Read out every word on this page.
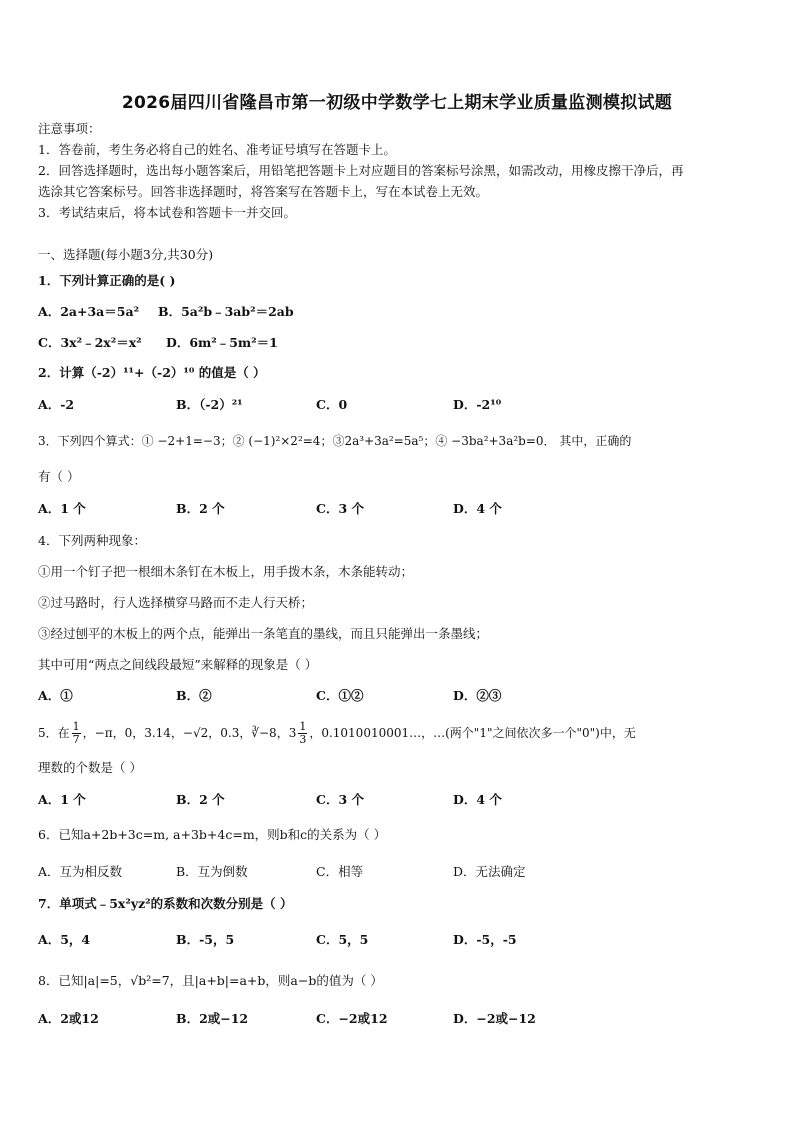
2026届四川省隆昌市第一初级中学数学七上期末学业质量监测模拟试题
注意事项：
1．答卷前，考生务必将自己的姓名、准考证号填写在答题卡上。
2．回答选择题时，选出每小题答案后，用铅笔把答题卡上对应题目的答案标号涂黑，如需改动，用橡皮擦干净后，再
选涂其它答案标号。回答非选择题时，将答案写在答题卡上，写在本试卷上无效。
3．考试结束后，将本试卷和答题卡一并交回。
一、选择题(每小题3分,共30分)
1．下列计算正确的是( )
A．2a+3a＝5a² B．5a²b﹣3ab²＝2ab
C．3x²﹣2x²＝x² D．6m²﹣5m²＝1
2．计算（-2）¹¹+（-2）¹⁰ 的值是（ ）
A．-2	B．（-2）²¹	C．0	D．-2¹⁰
3．下列四个算式：① −2+1=−3；② (−1)²×2²=4；③2a³+3a²=5a⁵；④ −3ba²+3a²b=0． 其中，正确的
有（ ）
A．1 个	B．2 个	C．3 个	D．4 个
4．下列两种现象：
①用一个钉子把一根细木条钉在木板上，用手拨木条，木条能转动；
②过马路时，行人选择横穿马路而不走人行天桥；
③经过刨平的木板上的两个点，能弹出一条笔直的墨线，而且只能弹出一条墨线；
其中可用“两点之间线段最短”来解释的现象是（ ）
A．①	B．②	C．①②	D．②③
5．在 $\frac{1}{7}$ ，−π，0，3.14，−√2，0.3，∛−8，$3 \frac{1}{3}$ ，0.1010010001…，…(两个"1"之间依次多一个"0")中，无
理数的个数是（ ）
A．1 个	B．2 个	C．3 个	D．4 个
6．已知a+2b+3c=m, a+3b+4c=m，则b和c的关系为（ ）
A．互为相反数	B．互为倒数	C．相等	D．无法确定
7．单项式﹣5x²yz²的系数和次数分别是（ ）
A．5，4	B．-5，5	C．5，5	D．-5，-5
8．已知|a|=5，√b²=7，且|a+b|=a+b，则a−b的值为（ ）
A．2或12	B．2或−12	C．−2或12	D．−2或−12
